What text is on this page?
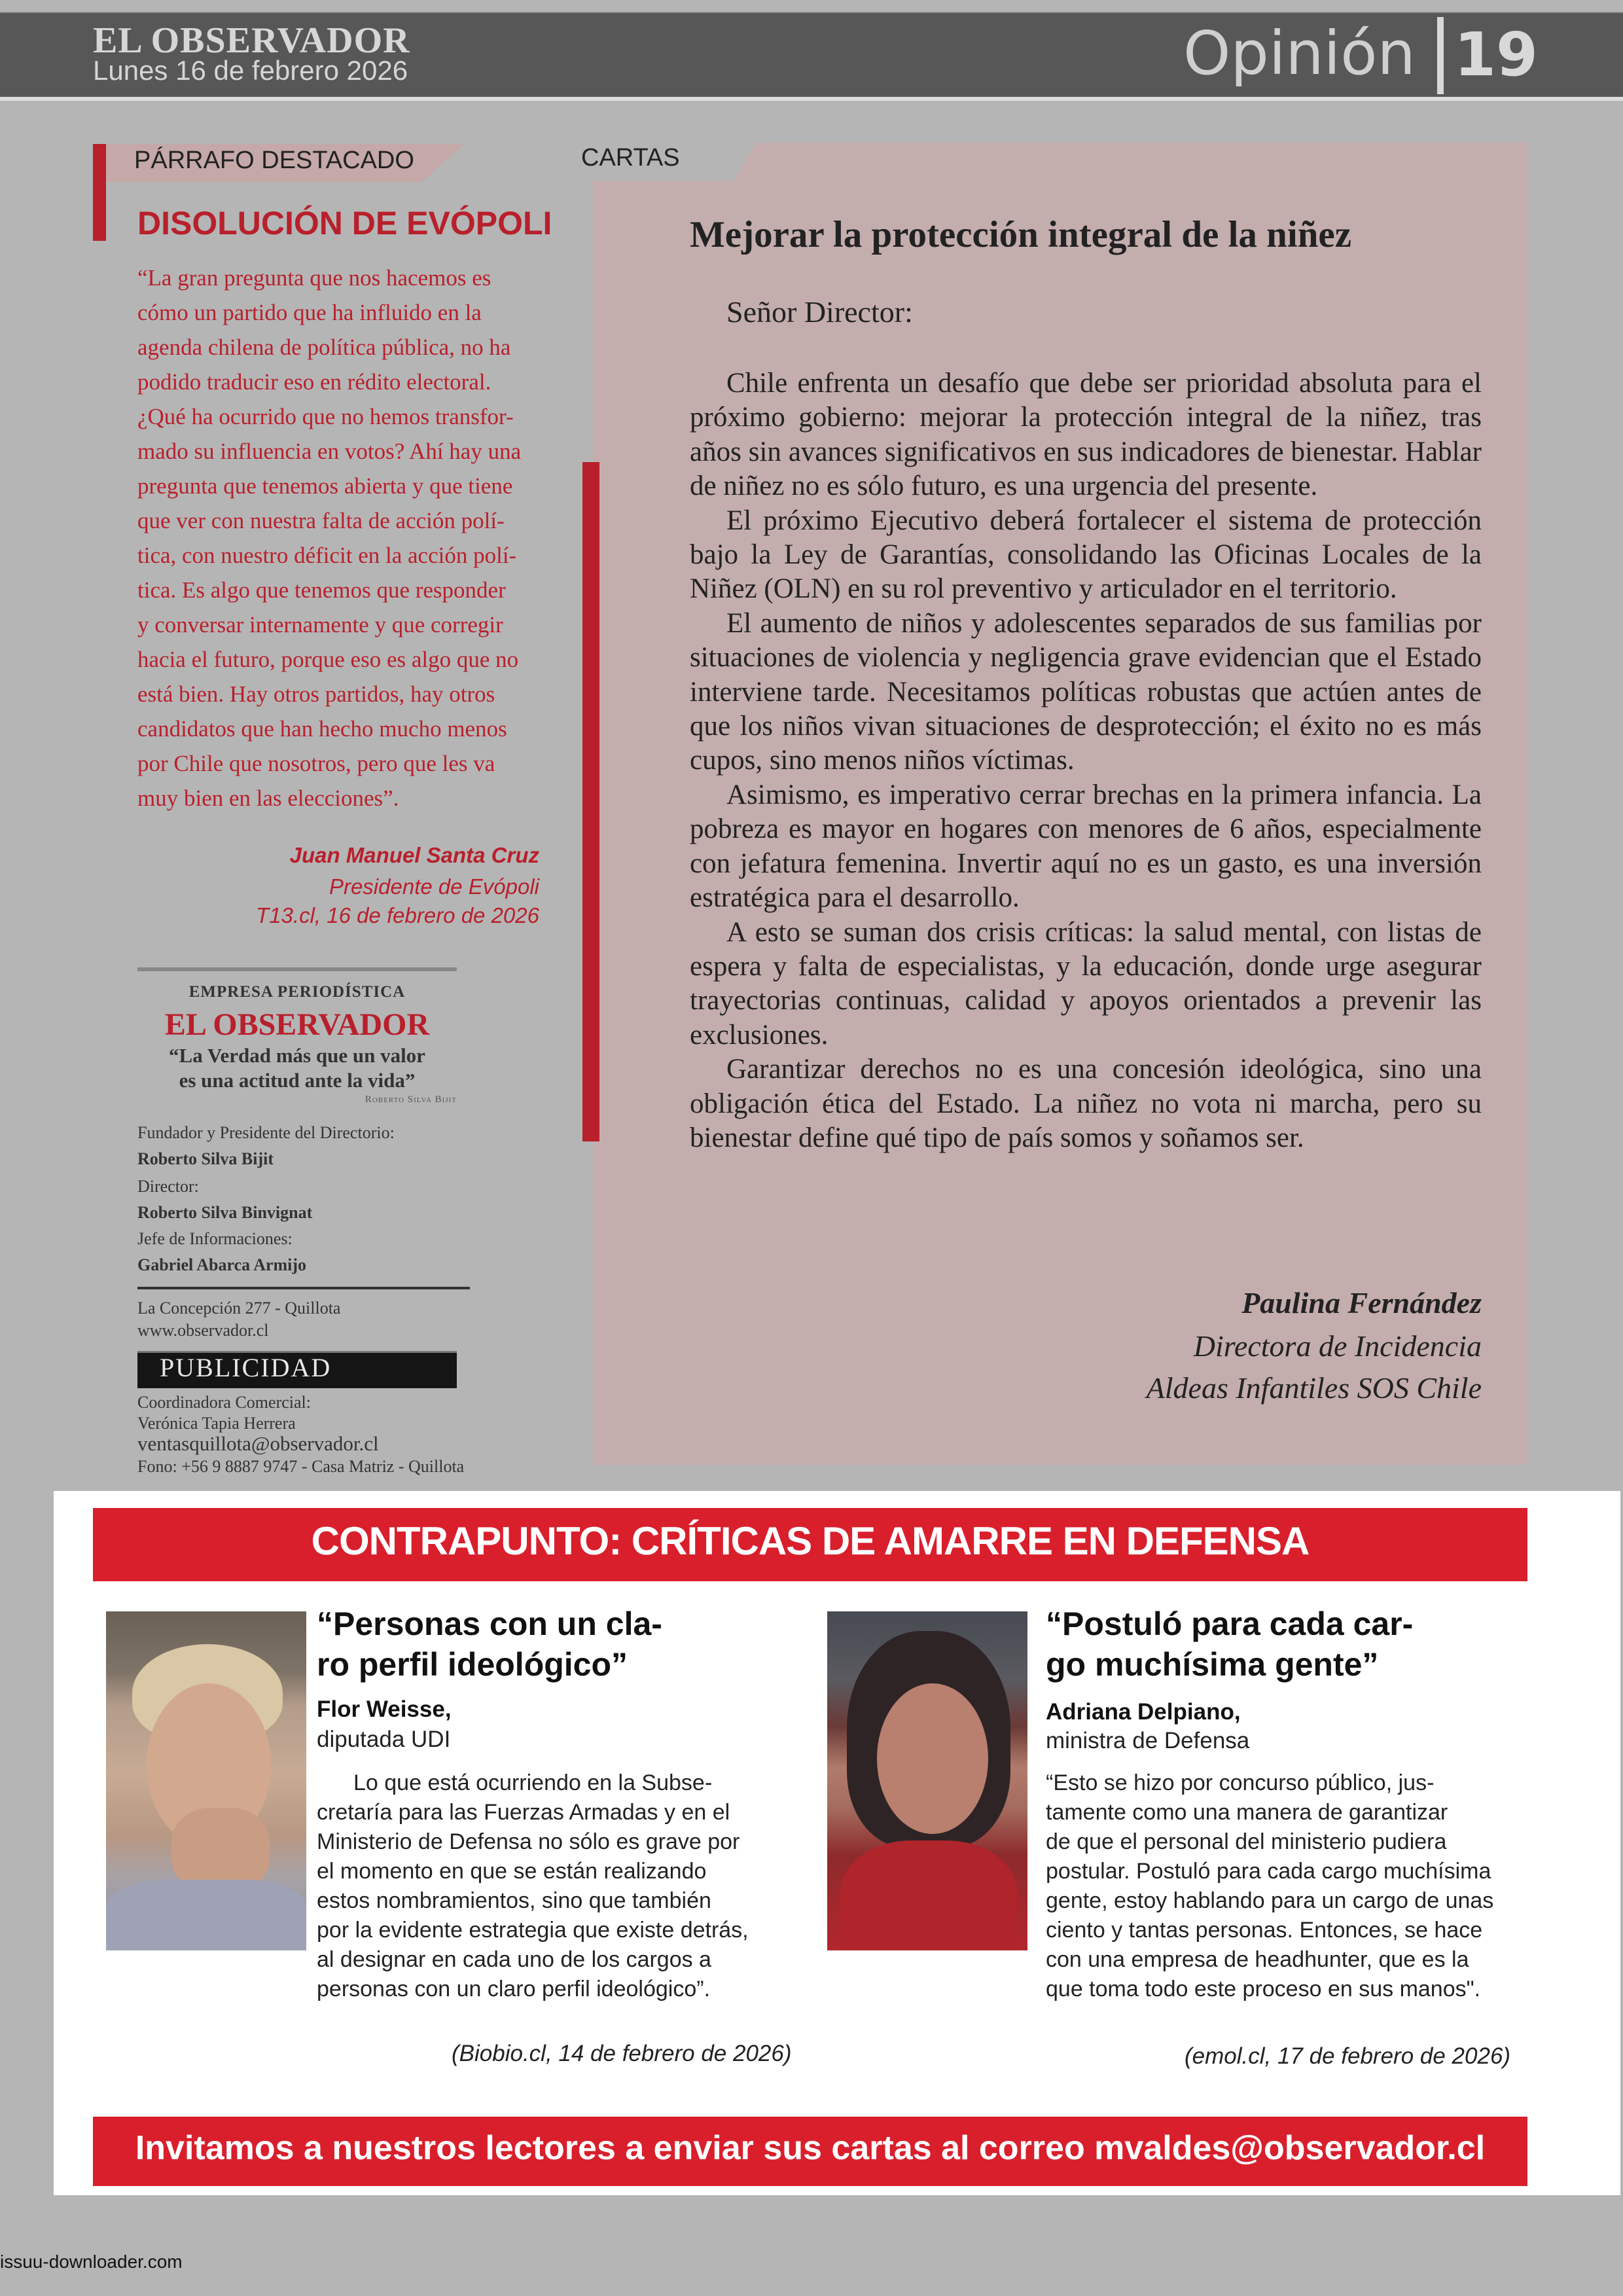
EL OBSERVADOR
Lunes 16 de febrero 2026	Opinión 19
PÁRRAFO DESTACADO
DISOLUCIÓN DE EVÓPOLI
“La gran pregunta que nos hacemos es
cómo un partido que ha influido en la
agenda chilena de política pública, no ha
podido traducir eso en rédito electoral.
¿Qué ha ocurrido que no hemos transfor-
mado su influencia en votos? Ahí hay una
pregunta que tenemos abierta y que tiene
que ver con nuestra falta de acción polí-
tica, con nuestro déficit en la acción polí-
tica. Es algo que tenemos que responder
y conversar internamente y que corregir
hacia el futuro, porque eso es algo que no
está bien. Hay otros partidos, hay otros
candidatos que han hecho mucho menos
por Chile que nosotros, pero que les va
muy bien en las elecciones”.
Juan Manuel Santa Cruz
Presidente de Evópoli
T13.cl, 16 de febrero de 2026
EMPRESA PERIODÍSTICA
EL OBSERVADOR
“La Verdad más que un valor
es una actitud ante la vida”
Roberto Silva Bijit
Fundador y Presidente del Directorio:
Roberto Silva Bijit
Director:
Roberto Silva Binvignat
Jefe de Informaciones:
Gabriel Abarca Armijo
La Concepción 277 - Quillota
www.observador.cl
PUBLICIDAD
Coordinadora Comercial:
Verónica Tapia Herrera
ventasquillota@observador.cl
Fono: +56 9 8887 9747 - Casa Matriz - Quillota
CARTAS
Mejorar la protección integral de la niñez
Señor Director:

Chile enfrenta un desafío que debe ser prioridad absoluta para el próximo gobierno: mejorar la protección integral de la niñez, tras años sin avances significativos en sus indicadores de bienestar. Hablar de niñez no es sólo futuro, es una urgencia del presente.

El próximo Ejecutivo deberá fortalecer el sistema de protección bajo la Ley de Garantías, consolidando las Oficinas Locales de la Niñez (OLN) en su rol preventivo y articulador en el territorio.

El aumento de niños y adolescentes separados de sus familias por situaciones de violencia y negligencia grave evidencian que el Estado interviene tarde. Necesitamos políticas robustas que actúen antes de que los niños vivan situaciones de desprotección; el éxito no es más cupos, sino menos niños víctimas.

Asimismo, es imperativo cerrar brechas en la primera infancia. La pobreza es mayor en hogares con menores de 6 años, especialmente con jefatura femenina. Invertir aquí no es un gasto, es una inversión estratégica para el desarrollo.

A esto se suman dos crisis críticas: la salud mental, con listas de espera y falta de especialistas, y la educación, donde urge asegurar trayectorias continuas, calidad y apoyos orientados a prevenir las exclusiones.

Garantizar derechos no es una concesión ideológica, sino una obligación ética del Estado. La niñez no vota ni marcha, pero su bienestar define qué tipo de país somos y soñamos ser.

Paulina Fernández
Directora de Incidencia
Aldeas Infantiles SOS Chile
CONTRAPUNTO: CRÍTICAS DE AMARRE EN DEFENSA
“Personas con un cla-
ro perfil ideológico”
Flor Weisse,
diputada UDI
Lo que está ocurriendo en la Subse-
cretaría para las Fuerzas Armadas y en el
Ministerio de Defensa no sólo es grave por
el momento en que se están realizando
estos nombramientos, sino que también
por la evidente estrategia que existe detrás,
al designar en cada uno de los cargos a
personas con un claro perfil ideológico”.
(Biobio.cl, 14 de febrero de 2026)
“Postuló para cada car-
go muchísima gente”
Adriana Delpiano,
ministra de Defensa
“Esto se hizo por concurso público, jus-
tamente como una manera de garantizar
de que el personal del ministerio pudiera
postular. Postuló para cada cargo muchísima
gente, estoy hablando para un cargo de unas
ciento y tantas personas. Entonces, se hace
con una empresa de headhunter, que es la
que toma todo este proceso en sus manos".
(emol.cl, 17 de febrero de 2026)
Invitamos a nuestros lectores a enviar sus cartas al correo mvaldes@observador.cl
issuu-downloader.com
